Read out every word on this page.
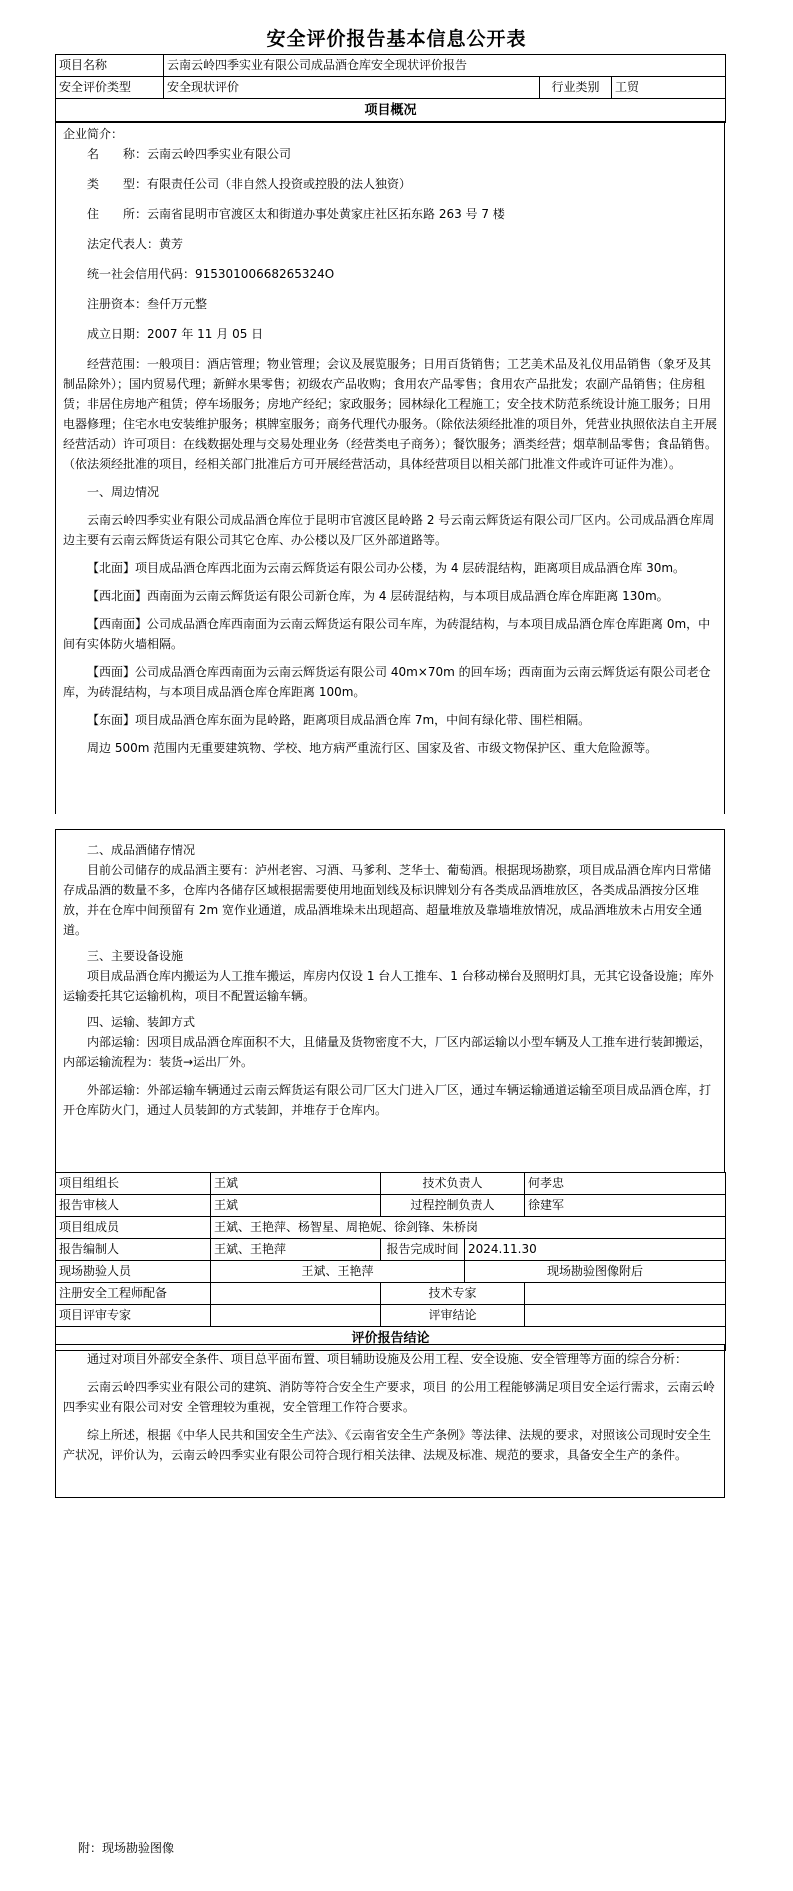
安全评价报告基本信息公开表
项目名称	云南云岭四季实业有限公司成品酒仓库安全现状评价报告		
安全评价类型	安全现状评价	行业类别	工贸
项目概况			

企业简介：

名　　称：云南云岭四季实业有限公司

类　　型：有限责任公司（非自然人投资或控股的法人独资）

住　　所：云南省昆明市官渡区太和街道办事处黄家庄社区拓东路 263 号 7 楼

法定代表人：黄芳

统一社会信用代码：91530100668265324O

注册资本：叁仟万元整

成立日期：2007 年 11 月 05 日

经营范围：一般项目：酒店管理；物业管理；会议及展览服务；日用百货销售；工艺美术品及礼仪用品销售（象牙及其制品除外）；国内贸易代理；新鲜水果零售；初级农产品收购；食用农产品零售；食用农产品批发；农副产品销售；住房租赁；非居住房地产租赁；停车场服务；房地产经纪；家政服务；园林绿化工程施工；安全技术防范系统设计施工服务；日用电器修理；住宅水电安装维护服务；棋牌室服务；商务代理代办服务。（除依法须经批准的项目外，凭营业执照依法自主开展经营活动）许可项目：在线数据处理与交易处理业务（经营类电子商务）；餐饮服务；酒类经营；烟草制品零售；食品销售。（依法须经批准的项目，经相关部门批准后方可开展经营活动，具体经营项目以相关部门批准文件或许可证件为准）。

一、周边情况

云南云岭四季实业有限公司成品酒仓库位于昆明市官渡区昆岭路 2 号云南云辉货运有限公司厂区内。公司成品酒仓库周边主要有云南云辉货运有限公司其它仓库、办公楼以及厂区外部道路等。

【北面】项目成品酒仓库西北面为云南云辉货运有限公司办公楼，为 4 层砖混结构，距离项目成品酒仓库 30m。

【西北面】西南面为云南云辉货运有限公司新仓库，为 4 层砖混结构，与本项目成品酒仓库仓库距离 130m。

【西南面】公司成品酒仓库西南面为云南云辉货运有限公司车库，为砖混结构，与本项目成品酒仓库仓库距离 0m，中间有实体防火墙相隔。

【西面】公司成品酒仓库西南面为云南云辉货运有限公司 40m×70m 的回车场；西南面为云南云辉货运有限公司老仓库，为砖混结构，与本项目成品酒仓库仓库距离 100m。

【东面】项目成品酒仓库东面为昆岭路，距离项目成品酒仓库 7m，中间有绿化带、围栏相隔。

周边 500m 范围内无重要建筑物、学校、地方病严重流行区、国家及省、市级文物保护区、重大危险源等。

二、成品酒储存情况

目前公司储存的成品酒主要有：泸州老窖、习酒、马爹利、芝华士、葡萄酒。根据现场勘察，项目成品酒仓库内日常储存成品酒的数量不多，仓库内各储存区域根据需要使用地面划线及标识牌划分有各类成品酒堆放区，各类成品酒按分区堆放，并在仓库中间预留有 2m 宽作业通道，成品酒堆垛未出现超高、超量堆放及靠墙堆放情况，成品酒堆放未占用安全通道。

三、主要设备设施

项目成品酒仓库内搬运为人工推车搬运，库房内仅设 1 台人工推车、1 台移动梯台及照明灯具，无其它设备设施；库外运输委托其它运输机构，项目不配置运输车辆。

四、运输、装卸方式

内部运输：因项目成品酒仓库面积不大，且储量及货物密度不大，厂区内部运输以小型车辆及人工推车进行装卸搬运，内部运输流程为：装货→运出厂外。

外部运输：外部运输车辆通过云南云辉货运有限公司厂区大门进入厂区，通过车辆运输通道运输至项目成品酒仓库，打开仓库防火门，通过人员装卸的方式装卸，并堆存于仓库内。

项目组组长	王斌	技术负责人		何孝忠
报告审核人	王斌	过程控制负责人		徐建军
项目组成员	王斌、王艳萍、杨智星、周艳妮、徐剑锋、朱桥岗			
报告编制人	王斌、王艳萍	报告完成时间	2024.11.30	
现场勘验人员	王斌、王艳萍		现场勘验图像附后	
注册安全工程师配备		技术专家		
项目评审专家		评审结论		
评价报告结论				

通过对项目外部安全条件、项目总平面布置、项目辅助设施及公用工程、安全设施、安全管理等方面的综合分析：

云南云岭四季实业有限公司的建筑、消防等符合安全生产要求，项目 的公用工程能够满足项目安全运行需求，云南云岭四季实业有限公司对安 全管理较为重视，安全管理工作符合要求。

综上所述，根据《中华人民共和国安全生产法》、《云南省安全生产条例》等法律、法规的要求，对照该公司现时安全生产状况，评价认为，云南云岭四季实业有限公司符合现行相关法律、法规及标准、规范的要求，具备安全生产的条件。

附：现场勘验图像
